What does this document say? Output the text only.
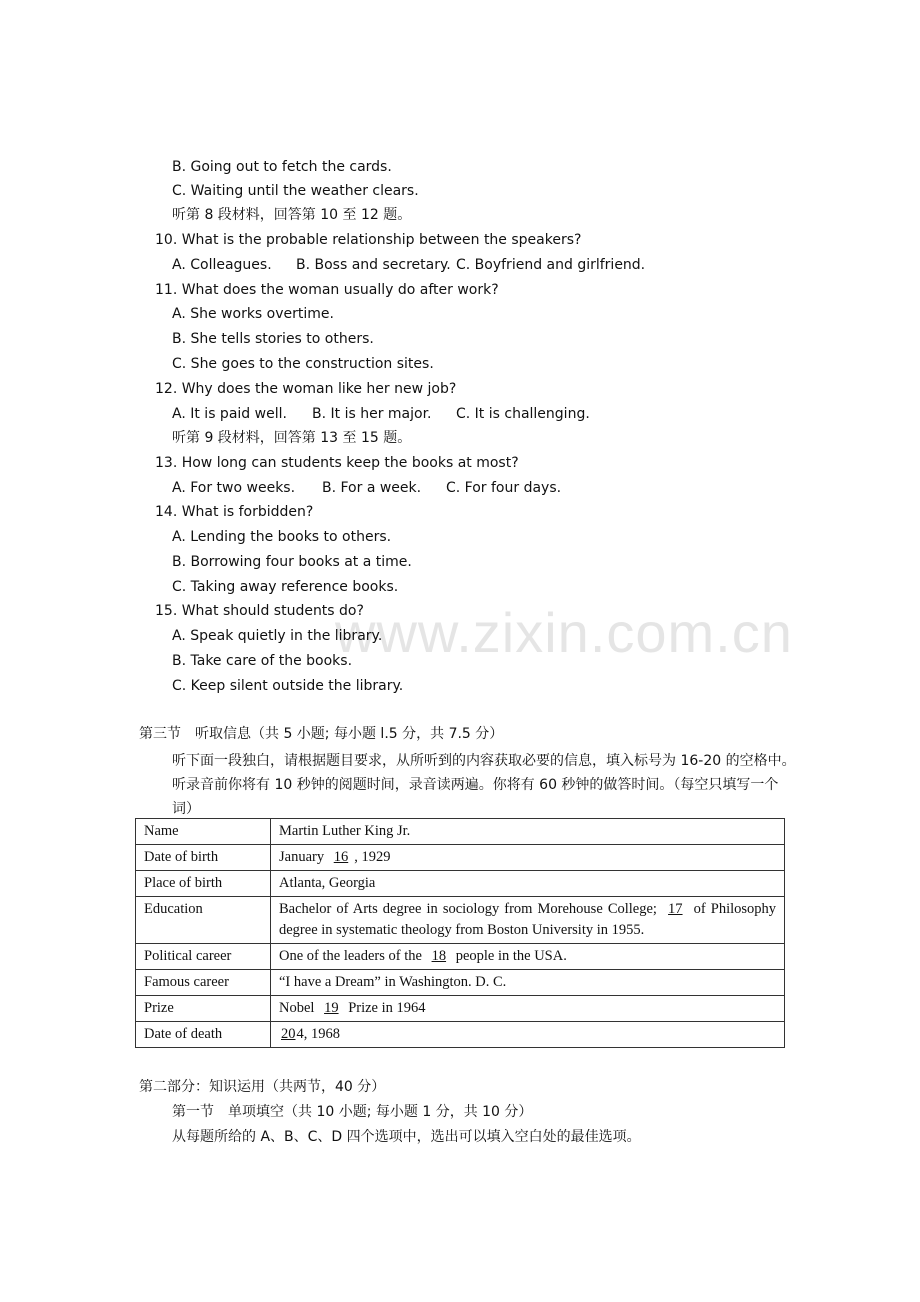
www.zixin.com.cn
B. Going out to fetch the cards.
C. Waiting until the weather clears.
听第 8 段材料，回答第 10 至 12 题。
10. What is the probable relationship between the speakers?
A. Colleagues. B. Boss and secretary. C. Boyfriend and girlfriend.
11. What does the woman usually do after work?
A. She works overtime.
B. She tells stories to others.
C. She goes to the construction sites.
12. Why does the woman like her new job?
A. It is paid well. B. It is her major. C. It is challenging.
听第 9 段材料，回答第 13 至 15 题。
13. How long can students keep the books at most?
A. For two weeks. B. For a week. C. For four days.
14. What is forbidden?
A. Lending the books to others.
B. Borrowing four books at a time.
C. Taking away reference books.
15. What should students do?
A. Speak quietly in the library.
B. Take care of the books.
C. Keep silent outside the library.
第三节　听取信息（共 5 小题; 每小题 l.5 分，共 7.5 分）
听下面一段独白，请根据题目要求，从所听到的内容获取必要的信息，填入标号为 16-20 的空格中。听录音前你将有 10 秒钟的阅题时间，录音读两遍。你将有 60 秒钟的做答时间。（每空只填写一个词）
Name	Martin Luther King Jr.
Date of birth	January 16 , 1929
Place of birth	Atlanta, Georgia
Education	Bachelor of Arts degree in sociology from Morehouse College; 17 of Philosophy degree in systematic theology from Boston University in 1955.
Political career	One of the leaders of the 18 people in the USA.
Famous career	“I have a Dream” in Washington. D. C.
Prize	Nobel 19 Prize in 1964
Date of death	204, 1968
第二部分：知识运用（共两节，40 分）
第一节　单项填空（共 10 小题; 每小题 1 分，共 10 分）
从每题所给的 A、B、C、D 四个选项中，选出可以填入空白处的最佳选项。
